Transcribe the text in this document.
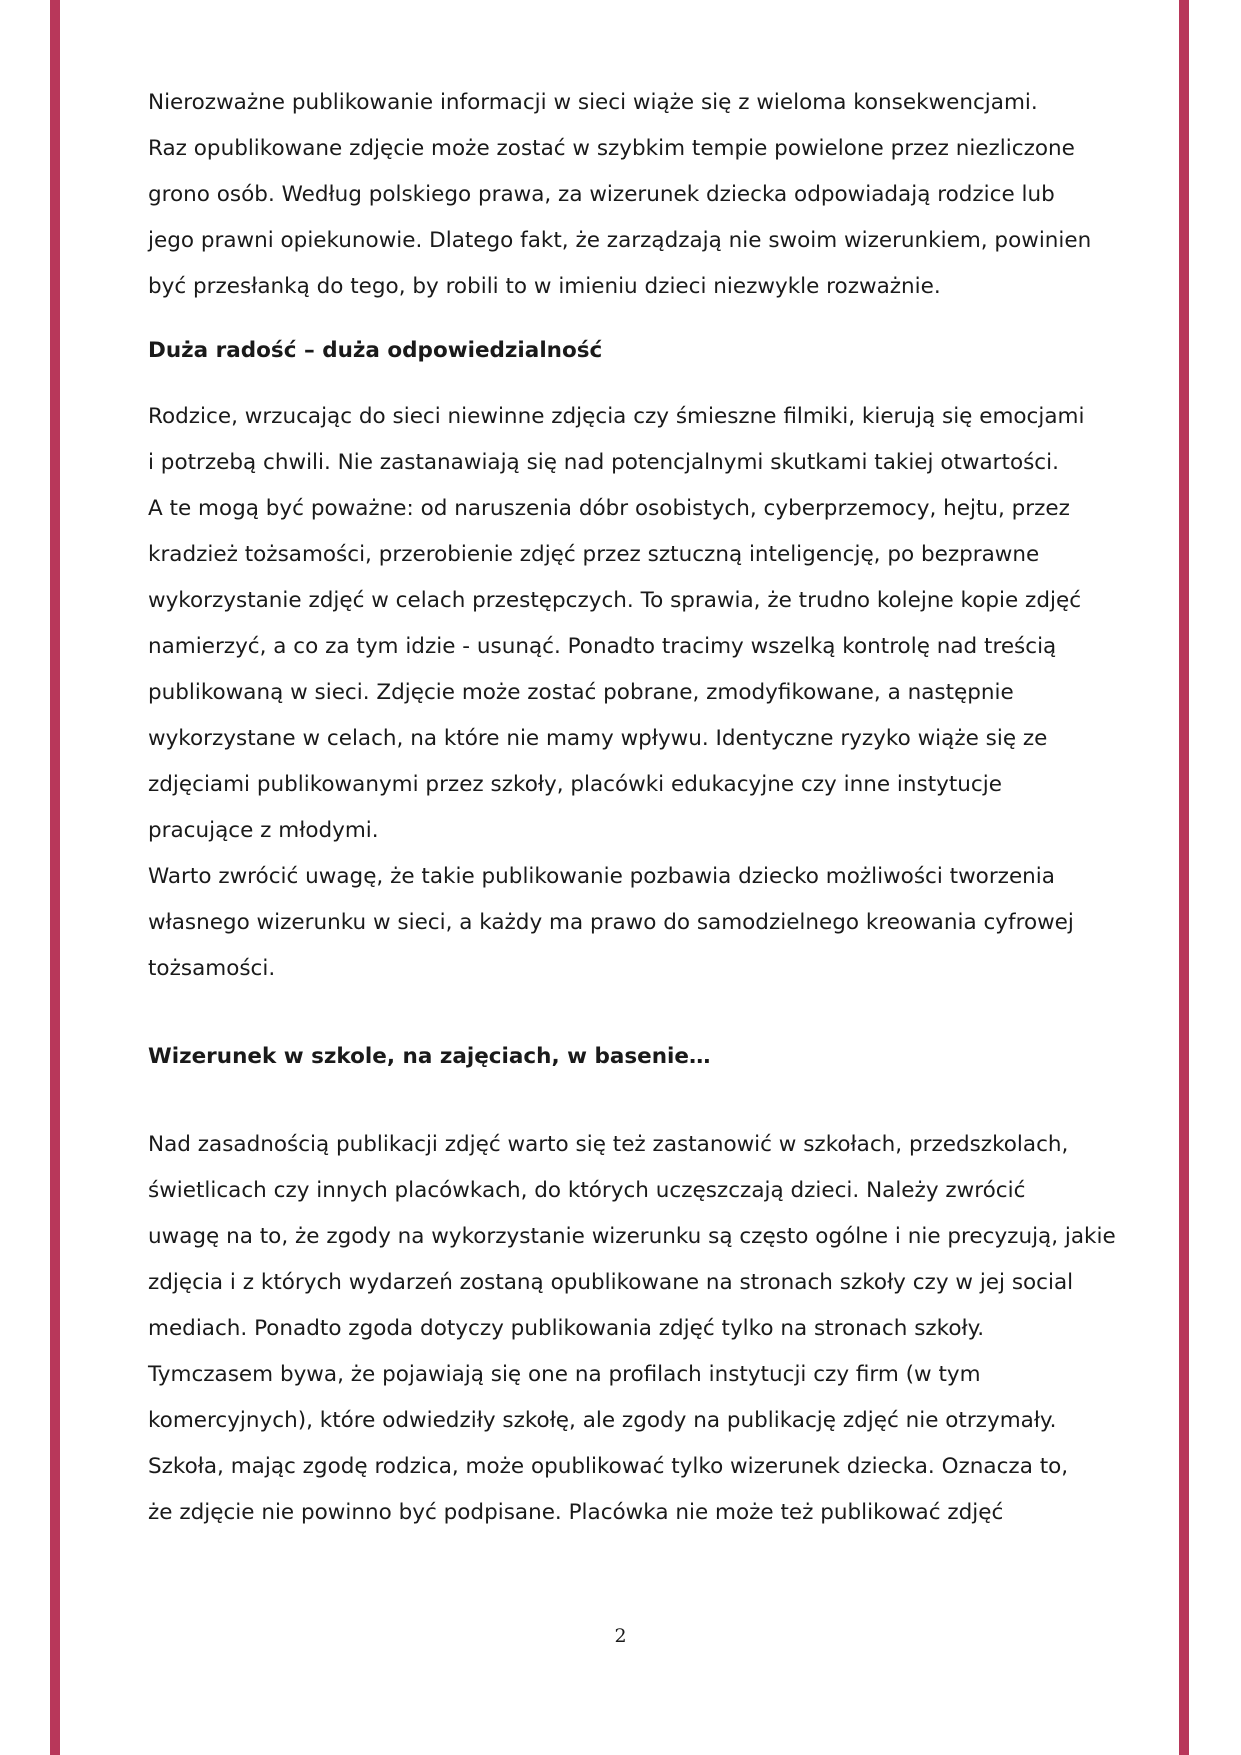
Nierozważne publikowanie informacji w sieci wiąże się z wieloma konsekwencjami.
Raz opublikowane zdjęcie może zostać w szybkim tempie powielone przez niezliczone
grono osób. Według polskiego prawa, za wizerunek dziecka odpowiadają rodzice lub
jego prawni opiekunowie. Dlatego fakt, że zarządzają nie swoim wizerunkiem, powinien
być przesłanką do tego, by robili to w imieniu dzieci niezwykle rozważnie.
Duża radość – duża odpowiedzialność
Rodzice, wrzucając do sieci niewinne zdjęcia czy śmieszne filmiki, kierują się emocjami
i potrzebą chwili. Nie zastanawiają się nad potencjalnymi skutkami takiej otwartości.
A te mogą być poważne: od naruszenia dóbr osobistych, cyberprzemocy, hejtu, przez
kradzież tożsamości, przerobienie zdjęć przez sztuczną inteligencję, po bezprawne
wykorzystanie zdjęć w celach przestępczych. To sprawia, że trudno kolejne kopie zdjęć
namierzyć, a co za tym idzie - usunąć. Ponadto tracimy wszelką kontrolę nad treścią
publikowaną w sieci. Zdjęcie może zostać pobrane, zmodyfikowane, a następnie
wykorzystane w celach, na które nie mamy wpływu. Identyczne ryzyko wiąże się ze
zdjęciami publikowanymi przez szkoły, placówki edukacyjne czy inne instytucje
pracujące z młodymi.
Warto zwrócić uwagę, że takie publikowanie pozbawia dziecko możliwości tworzenia
własnego wizerunku w sieci, a każdy ma prawo do samodzielnego kreowania cyfrowej
tożsamości.
Wizerunek w szkole, na zajęciach, w basenie…
Nad zasadnością publikacji zdjęć warto się też zastanowić w szkołach, przedszkolach,
świetlicach czy innych placówkach, do których uczęszczają dzieci. Należy zwrócić
uwagę na to, że zgody na wykorzystanie wizerunku są często ogólne i nie precyzują, jakie
zdjęcia i z których wydarzeń zostaną opublikowane na stronach szkoły czy w jej social
mediach. Ponadto zgoda dotyczy publikowania zdjęć tylko na stronach szkoły.
Tymczasem bywa, że pojawiają się one na profilach instytucji czy firm (w tym
komercyjnych), które odwiedziły szkołę, ale zgody na publikację zdjęć nie otrzymały.
Szkoła, mając zgodę rodzica, może opublikować tylko wizerunek dziecka. Oznacza to,
że zdjęcie nie powinno być podpisane. Placówka nie może też publikować zdjęć
2
